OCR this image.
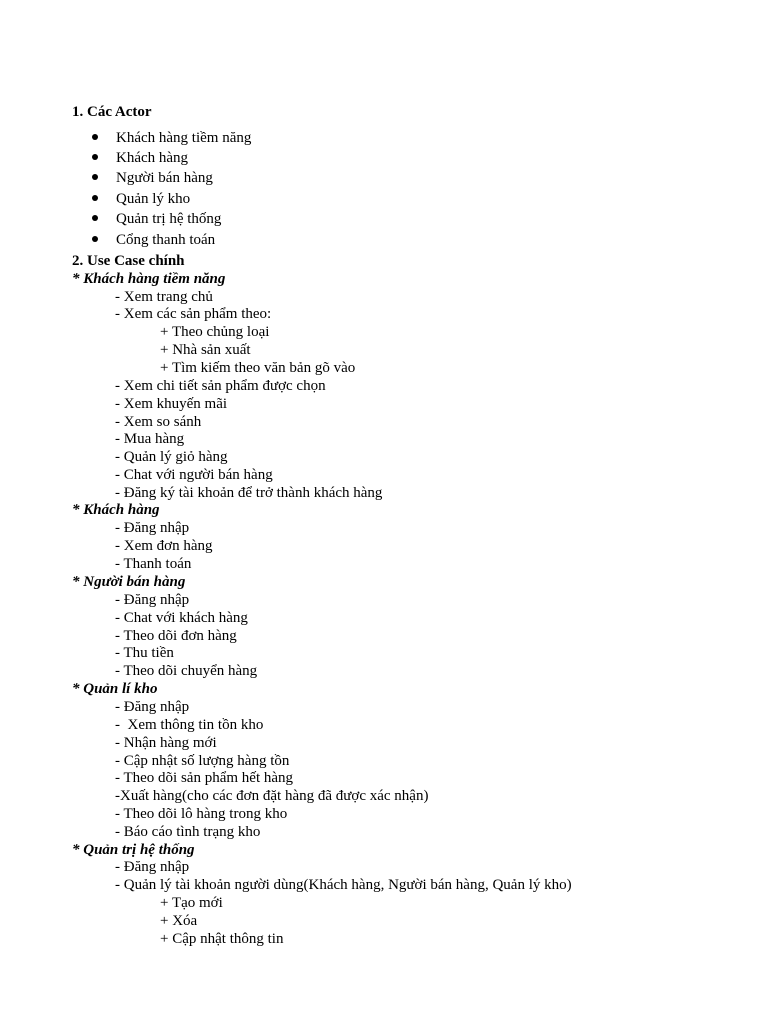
1. Các Actor
Khách hàng tiềm năng
Khách hàng
Người bán hàng
Quản lý kho
Quản trị hệ thống
Cổng thanh toán
2. Use Case chính
* Khách hàng tiềm năng
- Xem trang chủ
- Xem các sản phẩm theo:
+ Theo chủng loại
+ Nhà sản xuất
+ Tìm kiếm theo văn bản gõ vào
- Xem chi tiết sản phẩm được chọn
- Xem khuyến mãi
- Xem so sánh
- Mua hàng
- Quản lý giỏ hàng
- Chat với người bán hàng
- Đăng ký tài khoản để trở thành khách hàng
* Khách hàng
- Đăng nhập
- Xem đơn hàng
- Thanh toán
* Người bán hàng
- Đăng nhập
- Chat với khách hàng
- Theo dõi đơn hàng
- Thu tiền
- Theo dõi chuyển hàng
* Quản lí kho
- Đăng nhập
-  Xem thông tin tồn kho
- Nhận hàng mới
- Cập nhật số lượng hàng tồn
- Theo dõi sản phẩm hết hàng
-Xuất hàng(cho các đơn đặt hàng đã được xác nhận)
- Theo dõi lô hàng trong kho
- Báo cáo tình trạng kho
* Quản trị hệ thống
- Đăng nhập
- Quản lý tài khoản người dùng(Khách hàng, Người bán hàng, Quản lý kho)
+ Tạo mới
+ Xóa
+ Cập nhật thông tin
